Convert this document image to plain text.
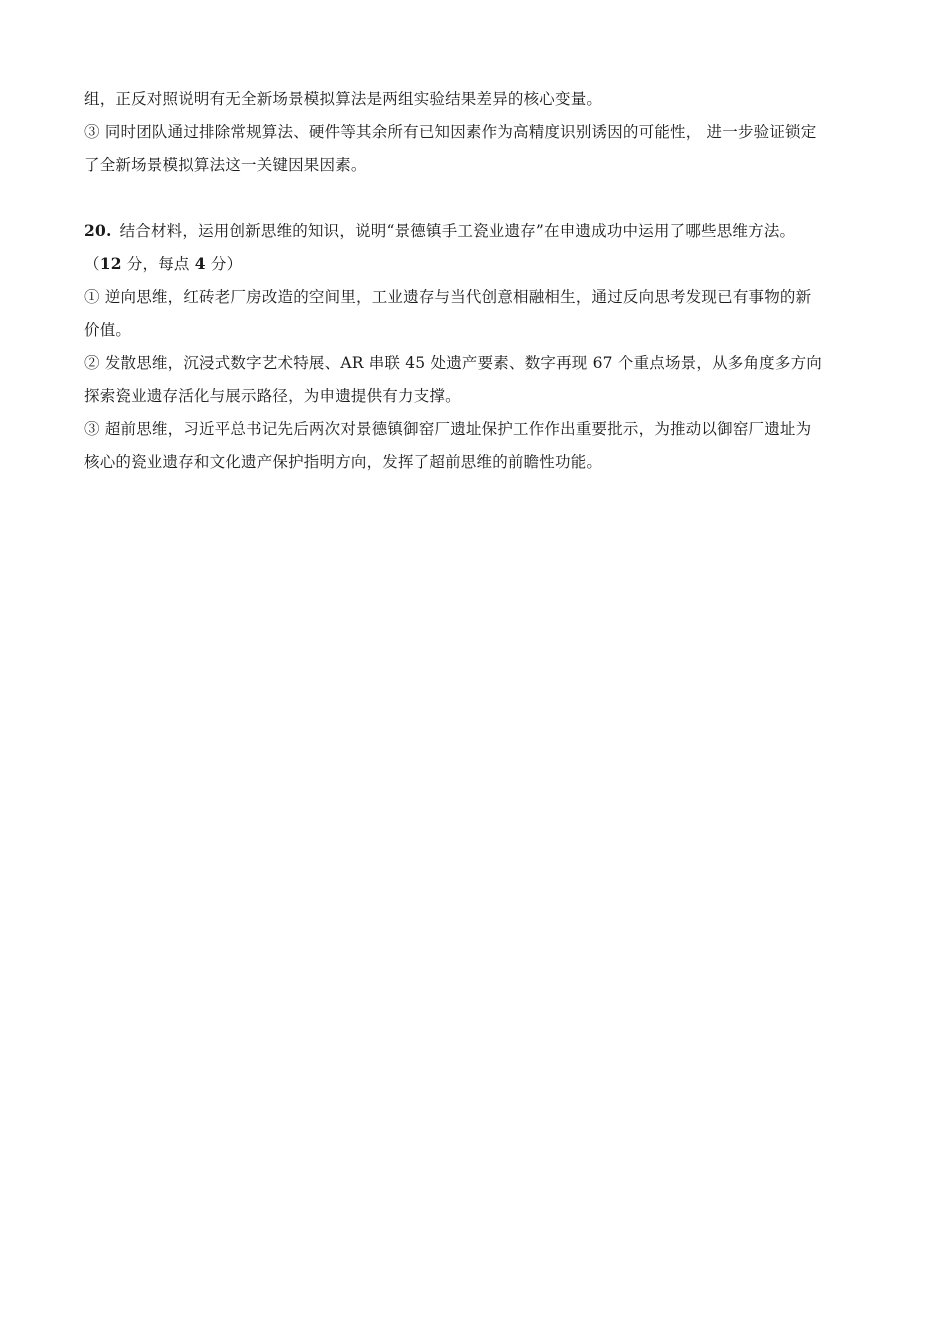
组，正反对照说明有无全新场景模拟算法是两组实验结果差异的核心变量。
③ 同时团队通过排除常规算法、硬件等其余所有已知因素作为高精度识别诱因的可能性， 进一步验证锁定
了全新场景模拟算法这一关键因果因素。
20. 结合材料，运用创新思维的知识，说明“景德镇手工瓷业遗存”在申遗成功中运用了哪些思维方法。
（12 分，每点 4 分）
① 逆向思维，红砖老厂房改造的空间里，工业遗存与当代创意相融相生，通过反向思考发现已有事物的新
价值。
② 发散思维，沉浸式数字艺术特展、AR 串联 45 处遗产要素、数字再现 67 个重点场景，从多角度多方向
探索瓷业遗存活化与展示路径，为申遗提供有力支撑。
③ 超前思维，习近平总书记先后两次对景德镇御窑厂遗址保护工作作出重要批示，为推动以御窑厂遗址为
核心的瓷业遗存和文化遗产保护指明方向，发挥了超前思维的前瞻性功能。
